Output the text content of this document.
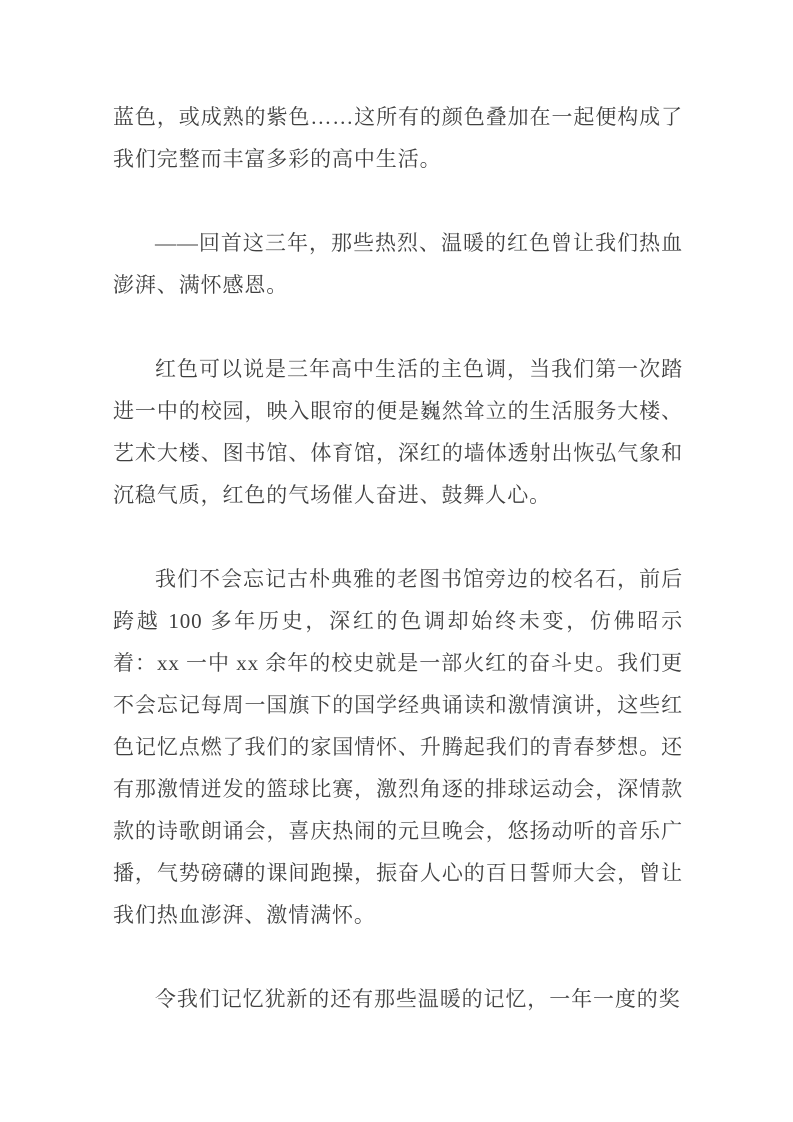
蓝色，或成熟的紫色……这所有的颜色叠加在一起便构成了我们完整而丰富多彩的高中生活。

——回首这三年，那些热烈、温暖的红色曾让我们热血澎湃、满怀感恩。

红色可以说是三年高中生活的主色调，当我们第一次踏进一中的校园，映入眼帘的便是巍然耸立的生活服务大楼、艺术大楼、图书馆、体育馆，深红的墙体透射出恢弘气象和沉稳气质，红色的气场催人奋进、鼓舞人心。

我们不会忘记古朴典雅的老图书馆旁边的校名石，前后跨越 100 多年历史，深红的色调却始终未变，仿佛昭示着：xx 一中 xx 余年的校史就是一部火红的奋斗史。我们更不会忘记每周一国旗下的国学经典诵读和激情演讲，这些红色记忆点燃了我们的家国情怀、升腾起我们的青春梦想。还有那激情迸发的篮球比赛，激烈角逐的排球运动会，深情款款的诗歌朗诵会，喜庆热闹的元旦晚会，悠扬动听的音乐广播，气势磅礴的课间跑操，振奋人心的百日誓师大会，曾让我们热血澎湃、激情满怀。

令我们记忆犹新的还有那些温暖的记忆，一年一度的奖
